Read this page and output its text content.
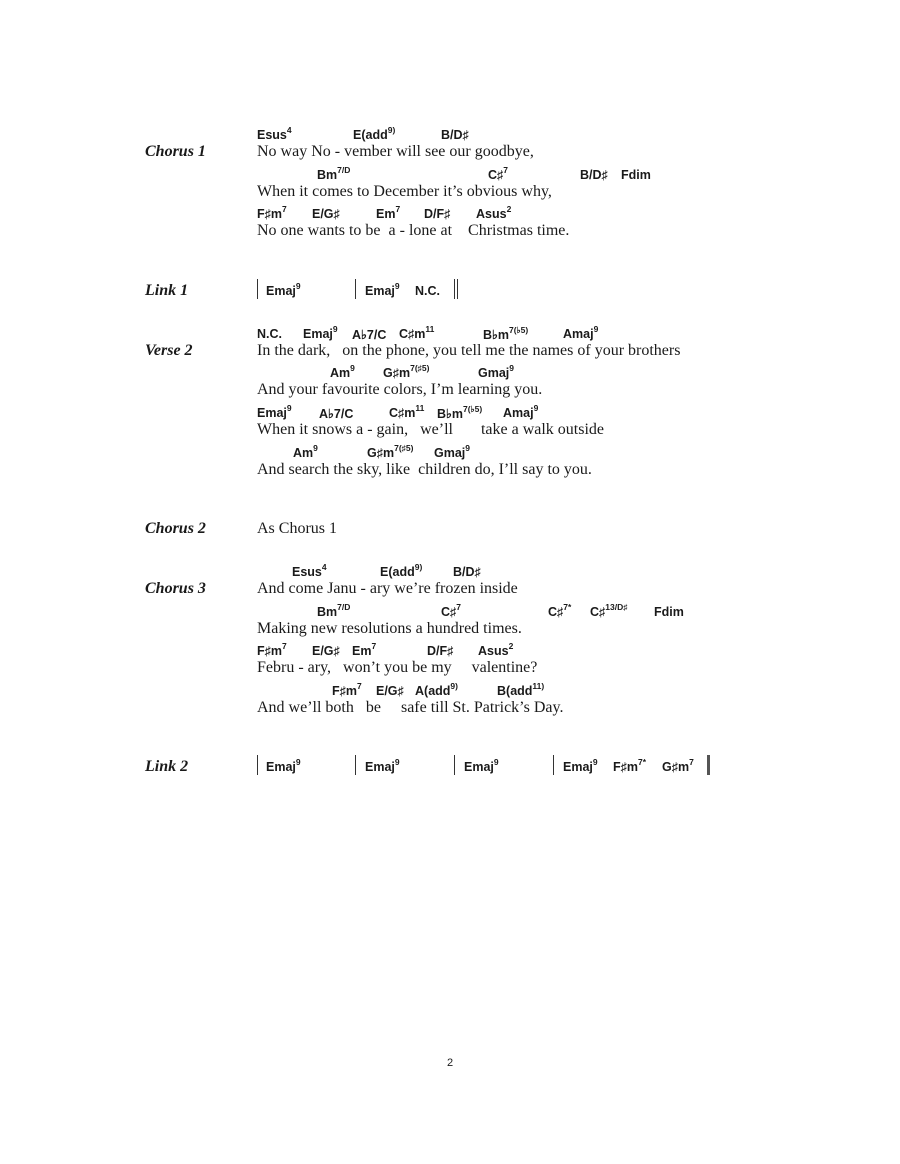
Chorus 1
Esus$^4$	E(add$^{9)}$	B/D♯
No way No - vember will see our goodbye,
$Bm^{7/D}$	C♯$^7$	B/D♯ Fdim
When it comes to December it’s obvious why,
$F♯m^7$ E/G♯	Em$^7$ D/F♯ Asus$^2$
No one wants to be  a - lone at    Christmas time.
Link 1	Emaj$^9$	Emaj$^9$ N.C.
Verse 2
N.C. Emaj$^9$ A♭7/C $C♯m^{11}$	$B♭m^{7(♭5)}$	Amaj$^9$
In the dark,   on the phone, you tell me the names of your brothers
Am$^9$ $G♯m^{7(♯5)}$	Gmaj$^9$
And your favourite colors, I’m learning you.
Emaj$^9$ A♭7/C	$C♯m^{11}$ $B♭m^{7(♭5)}$ Amaj$^9$
When it snows a - gain,   we’ll       take a walk outside
Am$^9$	$G♯m^{7(♯5)}$ Gmaj$^9$
And search the sky, like  children do, I’ll say to you.
Chorus 2	As Chorus 1
Chorus 3
Esus$^4$	E(add$^{9)}$ B/D♯
And come Janu - ary we’re frozen inside
$Bm^{7/D}$	C♯$^7$	C♯$^{7*}$ C♯$^{13/D♯}$ Fdim
Making new resolutions a hundred times.
$F♯m^7$ E/G♯ Em$^7$	D/F♯ Asus$^2$
Febru - ary,   won’t you be my     valentine?
$F♯m^7$ E/G♯ A(add$^{9)}$	B(add$^{11)}$
And we’ll both   be     safe till St. Patrick’s Day.
Link 2	Emaj$^9$	Emaj$^9$	Emaj$^9$	Emaj$^9$ $F♯m^{7*}$ $G♯m^7$
2
